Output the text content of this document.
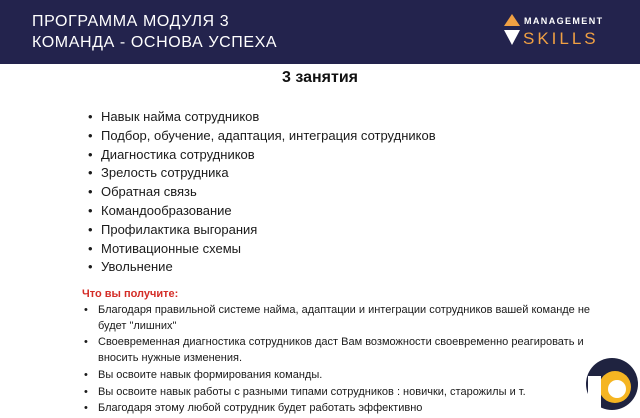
ПРОГРАММА МОДУЛЯ 3
КОМАНДА - ОСНОВА УСПЕХА
MANAGEMENT
SKILLS
3 занятия
• Навык найма сотрудников
• Подбор, обучение, адаптация, интеграция сотрудников
• Диагностика сотрудников
• Зрелость сотрудника
• Обратная связь
• Командообразование
• Профилактика выгорания
• Мотивационные схемы
• Увольнение
Что вы получите:
• Благодаря правильной системе найма, адаптации и интеграции сотрудников вашей команде не будет "лишних"
• Своевременная диагностика сотрудников даст Вам возможности своевременно реагировать и вносить нужные изменения.
• Вы освоите навык формирования команды.
• Вы освоите навык работы с разными типами сотрудников : новички, старожилы и т.
• Благодаря этому любой сотрудник будет работать эффективно
